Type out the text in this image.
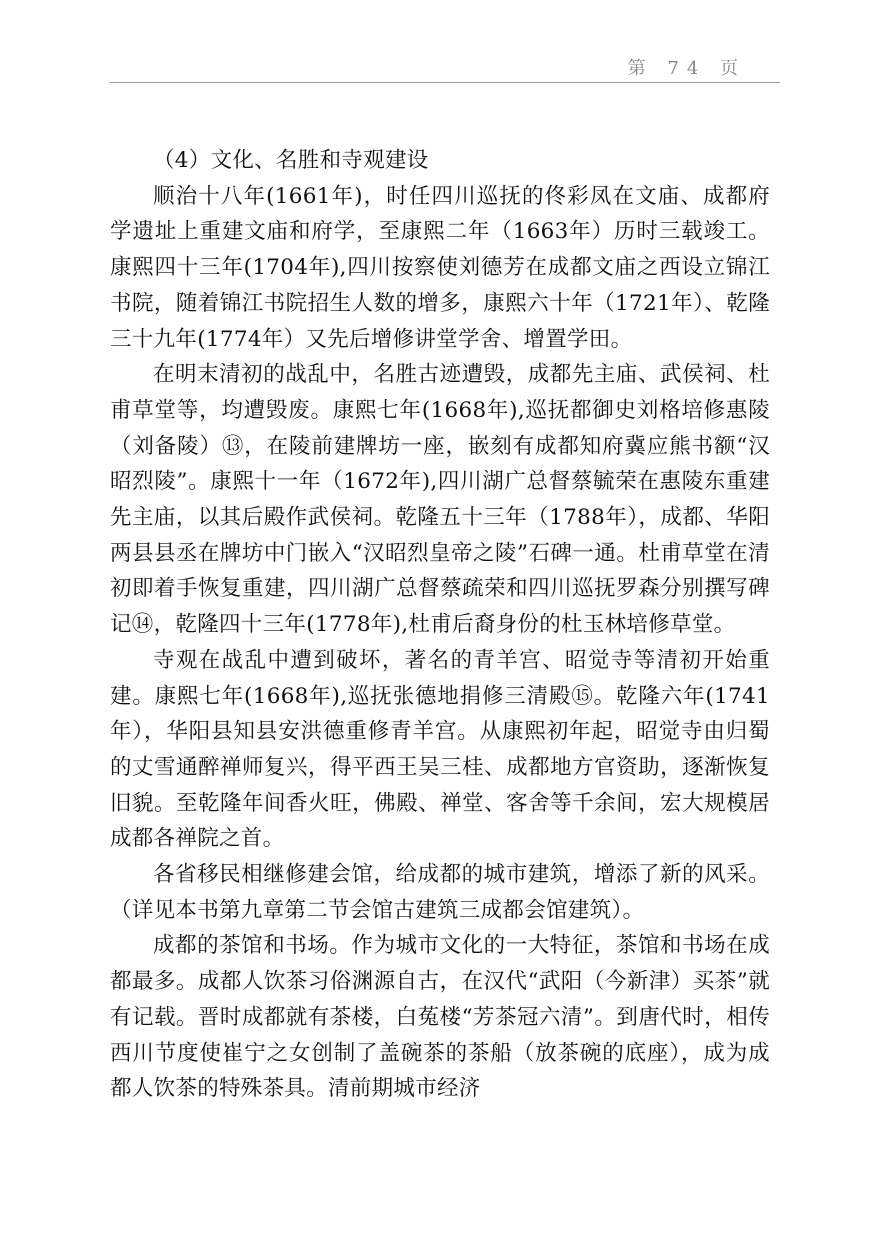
第 74 页

（4）文化、名胜和寺观建设

顺治十八年(1661年)，时任四川巡抚的佟彩凤在文庙、成都府学遗址上重建文庙和府学，至康熙二年（1663年）历时三载竣工。康熙四十三年(1704年),四川按察使刘德芳在成都文庙之西设立锦江书院，随着锦江书院招生人数的增多，康熙六十年（1721年）、乾隆三十九年(1774年）又先后增修讲堂学舍、增置学田。

在明末清初的战乱中，名胜古迹遭毁，成都先主庙、武侯祠、杜甫草堂等，均遭毁废。康熙七年(1668年),巡抚都御史刘格培修惠陵（刘备陵）⑬，在陵前建牌坊一座，嵌刻有成都知府冀应熊书额“汉昭烈陵”。康熙十一年（1672年),四川湖广总督蔡毓荣在惠陵东重建先主庙，以其后殿作武侯祠。乾隆五十三年（1788年），成都、华阳两县县丞在牌坊中门嵌入“汉昭烈皇帝之陵”石碑一通。杜甫草堂在清初即着手恢复重建，四川湖广总督蔡疏荣和四川巡抚罗森分别撰写碑记⑭，乾隆四十三年(1778年),杜甫后裔身份的杜玉林培修草堂。

寺观在战乱中遭到破坏，著名的青羊宫、昭觉寺等清初开始重建。康熙七年(1668年),巡抚张德地捐修三清殿⑮。乾隆六年(1741年），华阳县知县安洪德重修青羊宫。从康熙初年起，昭觉寺由归蜀的丈雪通醉禅师复兴，得平西王吴三桂、成都地方官资助，逐渐恢复旧貌。至乾隆年间香火旺，佛殿、禅堂、客舍等千余间，宏大规模居成都各禅院之首。

各省移民相继修建会馆，给成都的城市建筑，增添了新的风采。（详见本书第九章第二节会馆古建筑三成都会馆建筑）。

成都的茶馆和书场。作为城市文化的一大特征，茶馆和书场在成都最多。成都人饮茶习俗渊源自古，在汉代“武阳（今新津）买茶”就有记载。晋时成都就有茶楼，白菟楼“芳茶冠六清”。到唐代时，相传西川节度使崔宁之女创制了盖碗茶的茶船（放茶碗的底座），成为成都人饮茶的特殊茶具。清前期城市经济
